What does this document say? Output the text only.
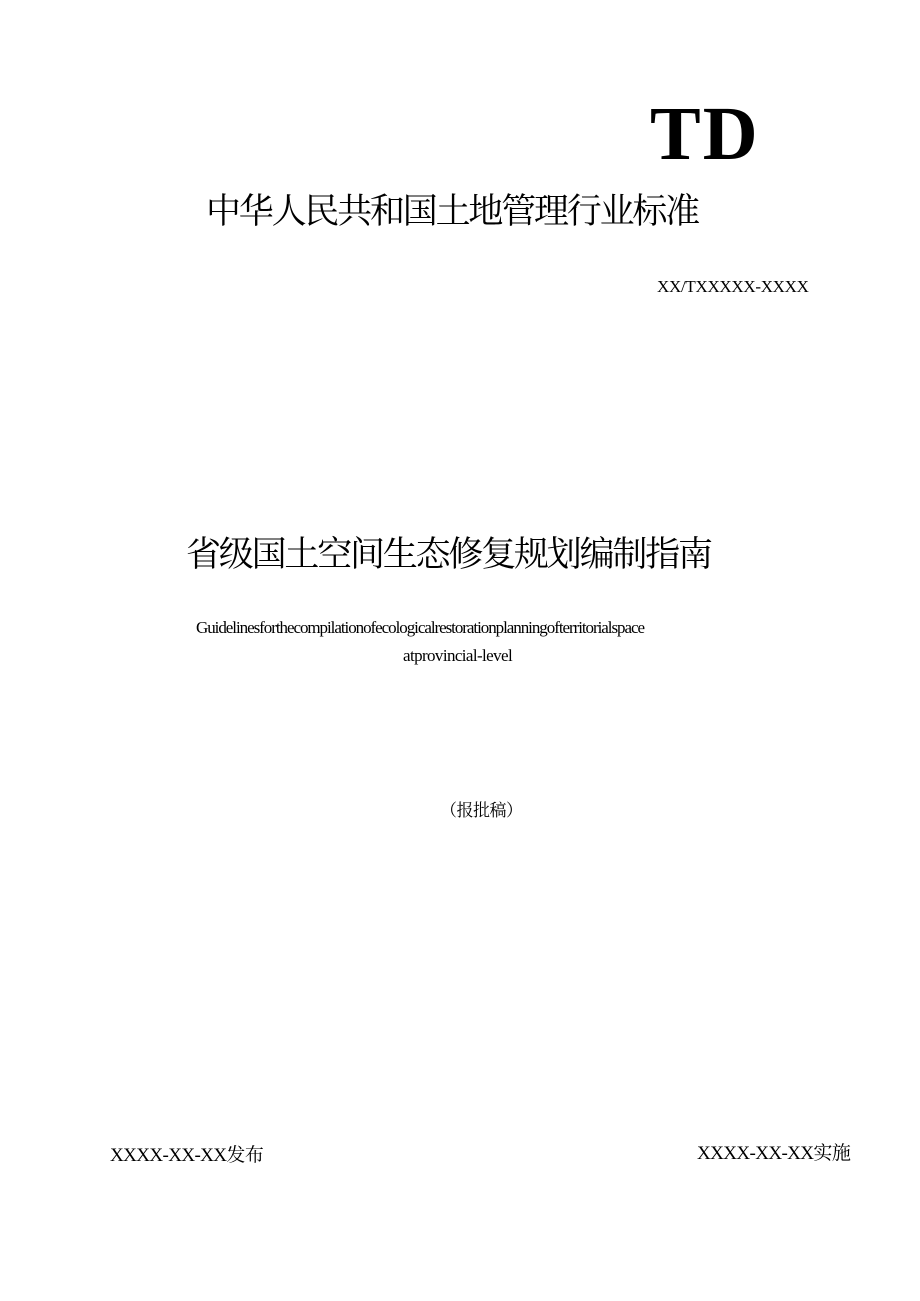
TD
中华人民共和国土地管理行业标准
XX/TXXXXX-XXXX
省级国土空间生态修复规划编制指南
Guidelinesforthecompilationofecologicalrestorationplanningofterritorialspace
atprovincial-level
（报批稿）
XXXX-XX-XX发布	XXXX-XX-XX实施
